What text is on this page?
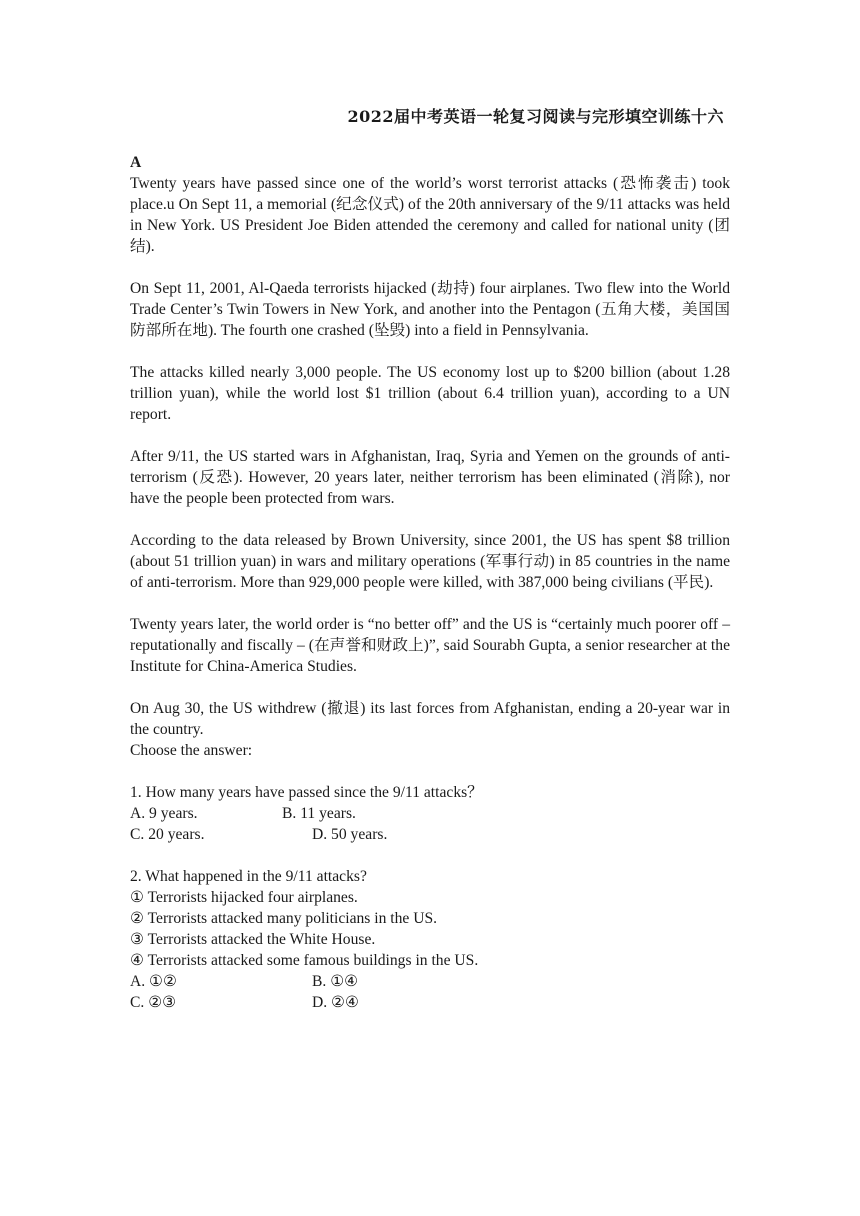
2022届中考英语一轮复习阅读与完形填空训练十六

A

Twenty years have passed since one of the world’s worst terrorist attacks (恐怖袭击) took place.u On Sept 11, a memorial (纪念仪式) of the 20th anniversary of the 9/11 attacks was held in New York. US President Joe Biden attended the ceremony and called for national unity (团结).

On Sept 11, 2001, Al-Qaeda terrorists hijacked (劫持) four airplanes. Two flew into the World Trade Center’s Twin Towers in New York, and another into the Pentagon (五角大楼，美国国防部所在地). The fourth one crashed (坠毁) into a field in Pennsylvania.

The attacks killed nearly 3,000 people. The US economy lost up to $200 billion (about 1.28 trillion yuan), while the world lost $1 trillion (about 6.4 trillion yuan), according to a UN report.

After 9/11, the US started wars in Afghanistan, Iraq, Syria and Yemen on the grounds of anti-terrorism (反恐). However, 20 years later, neither terrorism has been eliminated (消除), nor have the people been protected from wars.

According to the data released by Brown University, since 2001, the US has spent $8 trillion (about 51 trillion yuan) in wars and military operations (军事行动) in 85 countries in the name of anti-terrorism. More than 929,000 people were killed, with 387,000 being civilians (平民).

Twenty years later, the world order is “no better off” and the US is “certainly much poorer off – reputationally and fiscally – (在声誉和财政上)”, said Sourabh Gupta, a senior researcher at the Institute for China-America Studies.

On Aug 30, the US withdrew (撤退) its last forces from Afghanistan, ending a 20-year war in the country.

Choose the answer:

1. How many years have passed since the 9/11 attacks？

A. 9 years.	B. 11 years.
C. 20 years.	D. 50 years.

2. What happened in the 9/11 attacks?

① Terrorists hijacked four airplanes.

② Terrorists attacked many politicians in the US.

③ Terrorists attacked the White House.

④ Terrorists attacked some famous buildings in the US.

A. ①②	B. ①④
C. ②③	D. ②④
